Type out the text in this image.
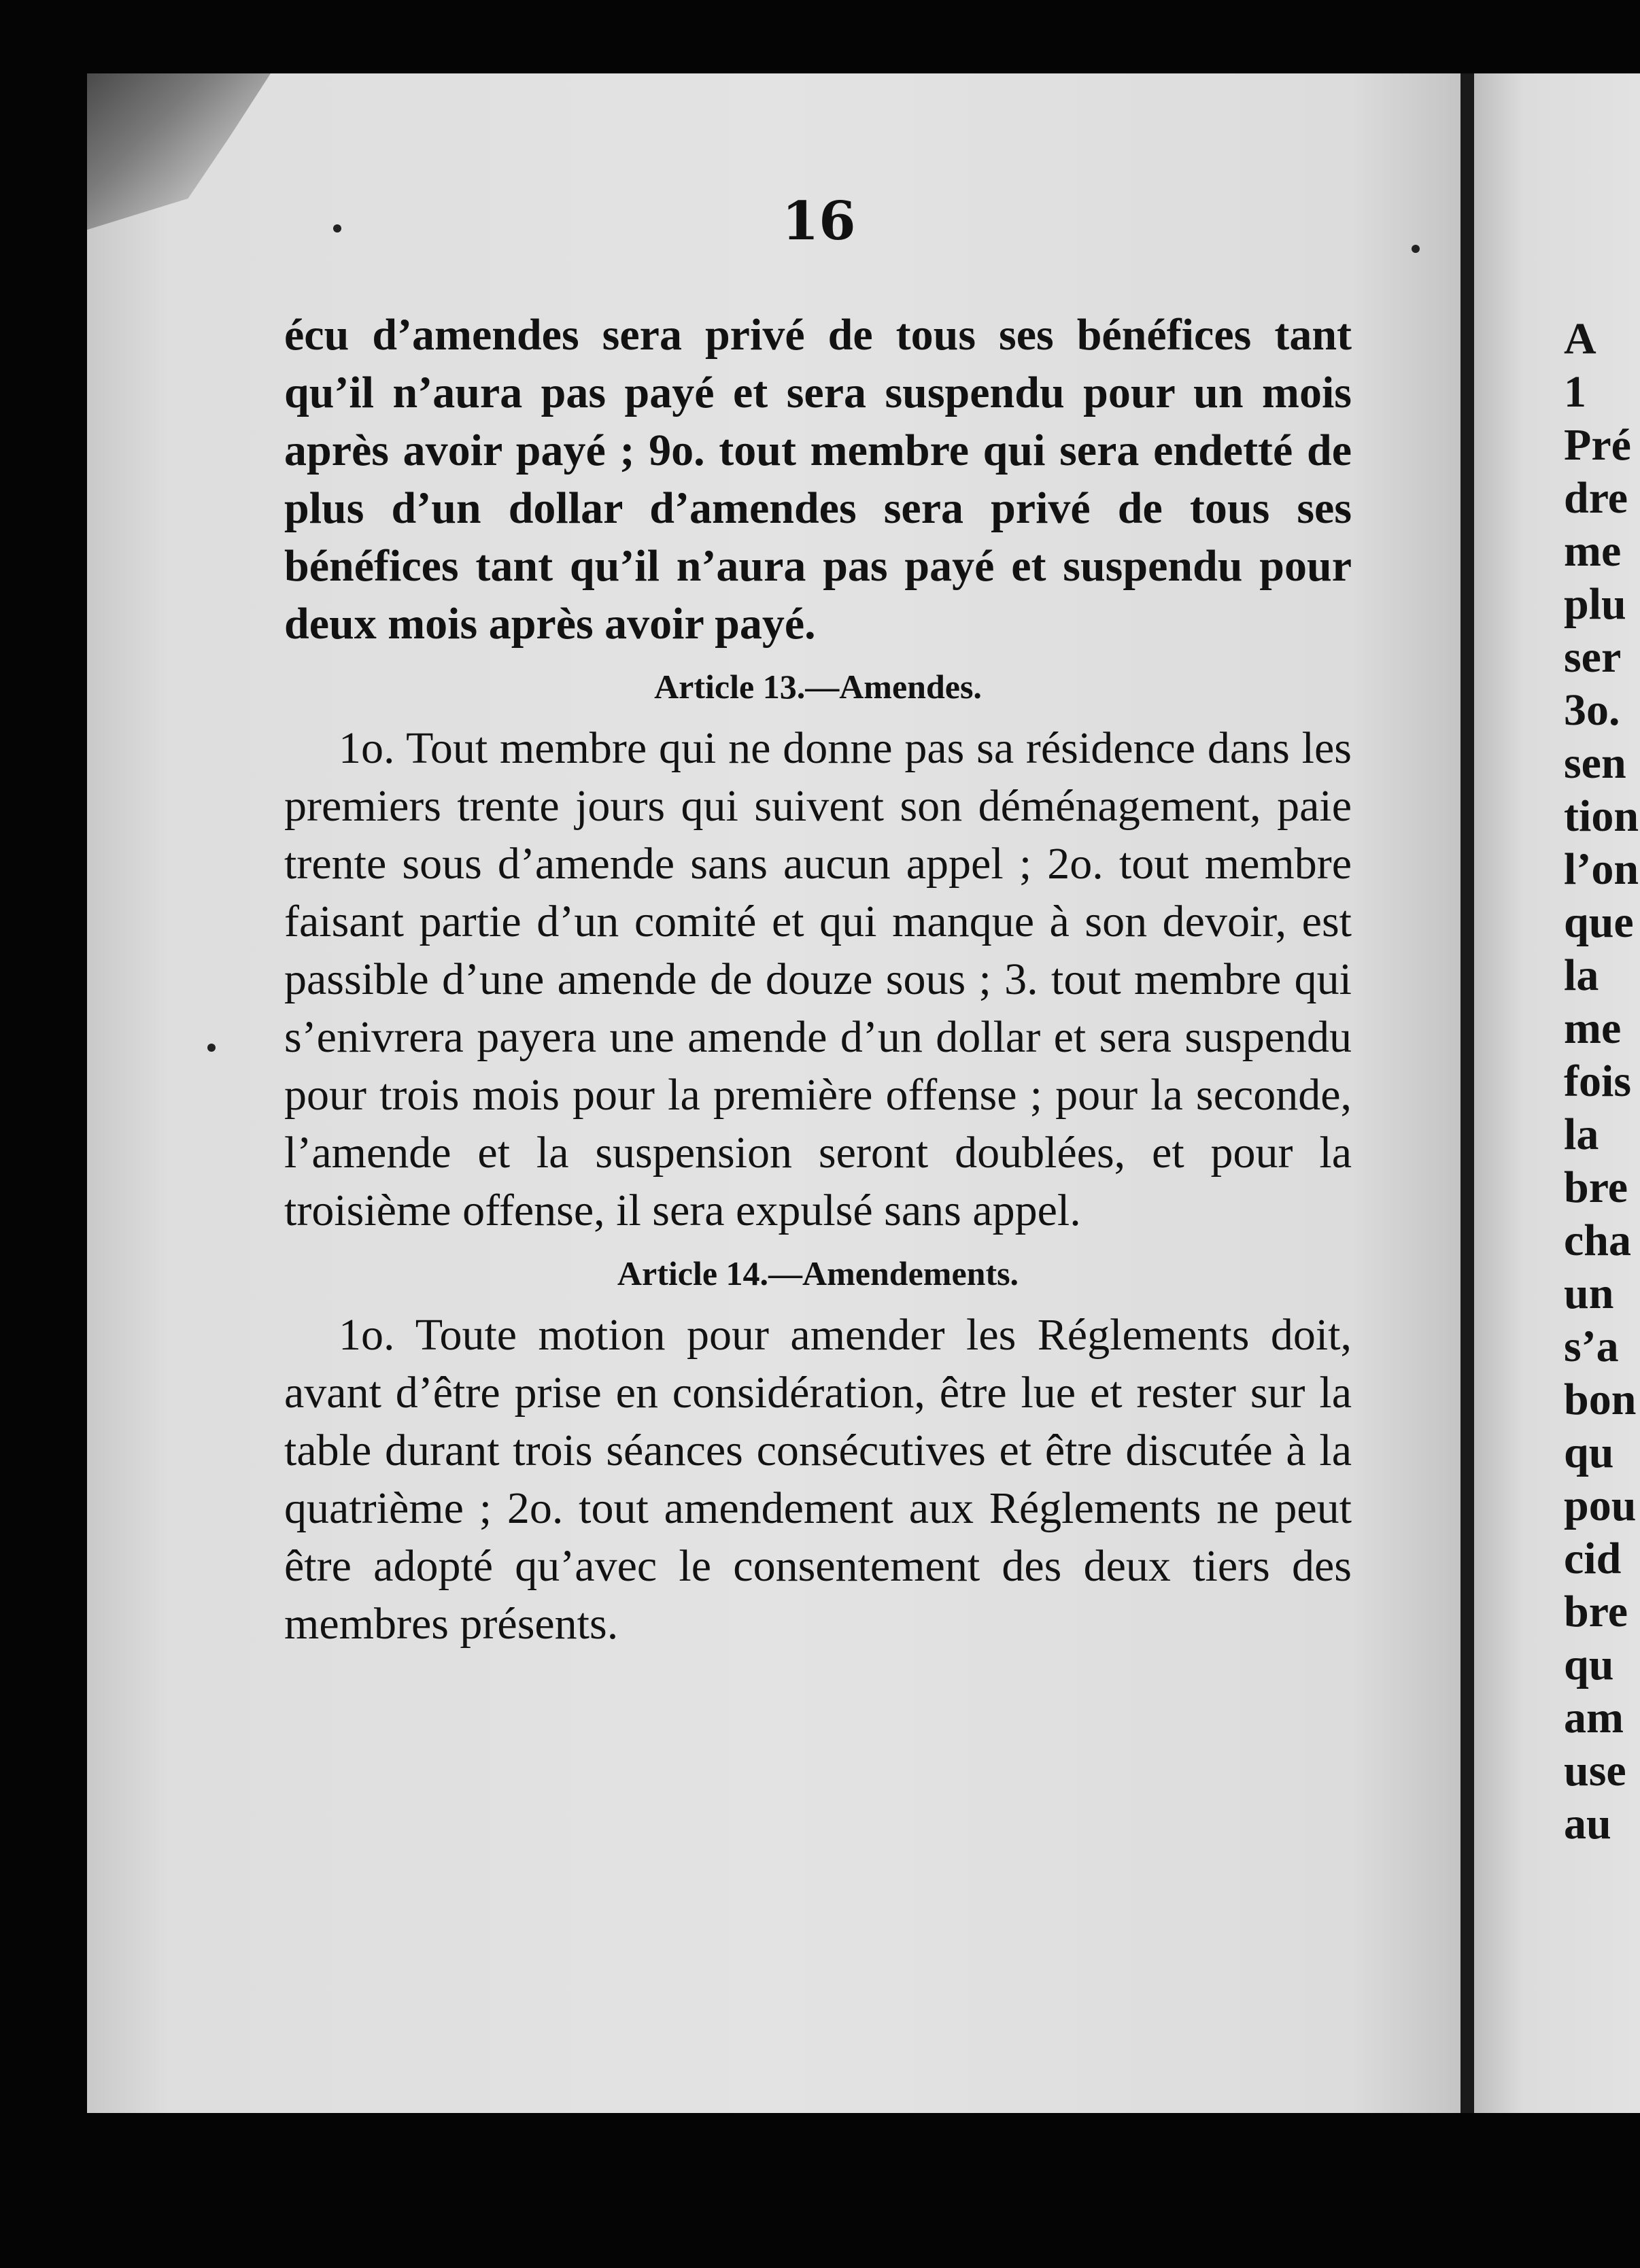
16

écu d’amendes sera privé de tous ses bénéfices tant qu’il n’aura pas payé et sera suspendu pour un mois après avoir payé ; 9o. tout membre qui sera endetté de plus d’un dollar d’amendes sera privé de tous ses bénéfices tant qu’il n’aura pas payé et suspendu pour deux mois après avoir payé.

Article 13.—Amendes.

1o. Tout membre qui ne donne pas sa résidence dans les premiers trente jours qui suivent son déménagement, paie trente sous d’amende sans aucun appel ; 2o. tout membre faisant partie d’un comité et qui manque à son devoir, est passible d’une amende de douze sous ; 3. tout membre qui s’enivrera payera une amende d’un dollar et sera suspendu pour trois mois pour la première offense ; pour la seconde, l’amende et la suspension seront doublées, et pour la troisième offense, il sera expulsé sans appel.

Article 14.—Amendements.

1o. Toute motion pour amender les Réglements doit, avant d’être prise en considération, être lue et rester sur la table durant trois séances consécutives et être discutée à la quatrième ; 2o. tout amendement aux Réglements ne peut être adopté qu’avec le consentement des deux tiers des membres présents.

A
1
Pré
dre
me
plu
ser
3o.
sen
tion
l’on
que
la
me
fois
la
bre
cha
un
s’a
bon
qu
pou
cid
bre
qu
am
use
au
